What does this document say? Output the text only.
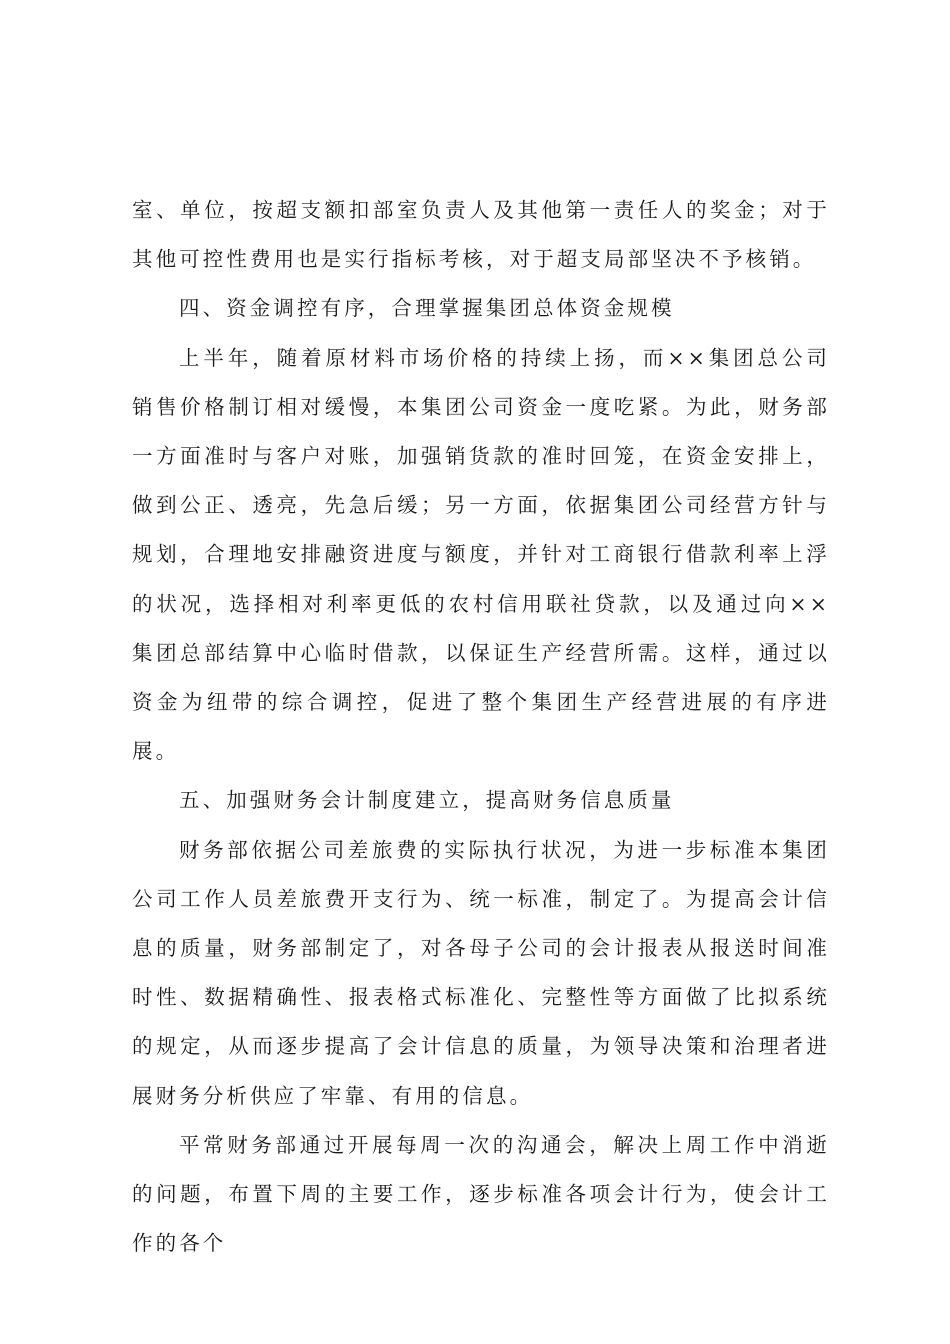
室、单位，按超支额扣部室负责人及其他第一责任人的奖金；对于其他可控性费用也是实行指标考核，对于超支局部坚决不予核销。

四、资金调控有序，合理掌握集团总体资金规模

上半年，随着原材料市场价格的持续上扬，而××集团总公司销售价格制订相对缓慢，本集团公司资金一度吃紧。为此，财务部一方面准时与客户对账，加强销货款的准时回笼，在资金安排上，做到公正、透亮，先急后缓；另一方面，依据集团公司经营方针与规划，合理地安排融资进度与额度，并针对工商银行借款利率上浮的状况，选择相对利率更低的农村信用联社贷款，以及通过向××集团总部结算中心临时借款，以保证生产经营所需。这样，通过以资金为纽带的综合调控，促进了整个集团生产经营进展的有序进展。

五、加强财务会计制度建立，提高财务信息质量

财务部依据公司差旅费的实际执行状况，为进一步标准本集团公司工作人员差旅费开支行为、统一标准，制定了。为提高会计信息的质量，财务部制定了，对各母子公司的会计报表从报送时间准时性、数据精确性、报表格式标准化、完整性等方面做了比拟系统的规定，从而逐步提高了会计信息的质量，为领导决策和治理者进展财务分析供应了牢靠、有用的信息。

平常财务部通过开展每周一次的沟通会，解决上周工作中消逝的问题，布置下周的主要工作，逐步标准各项会计行为，使会计工作的各个
